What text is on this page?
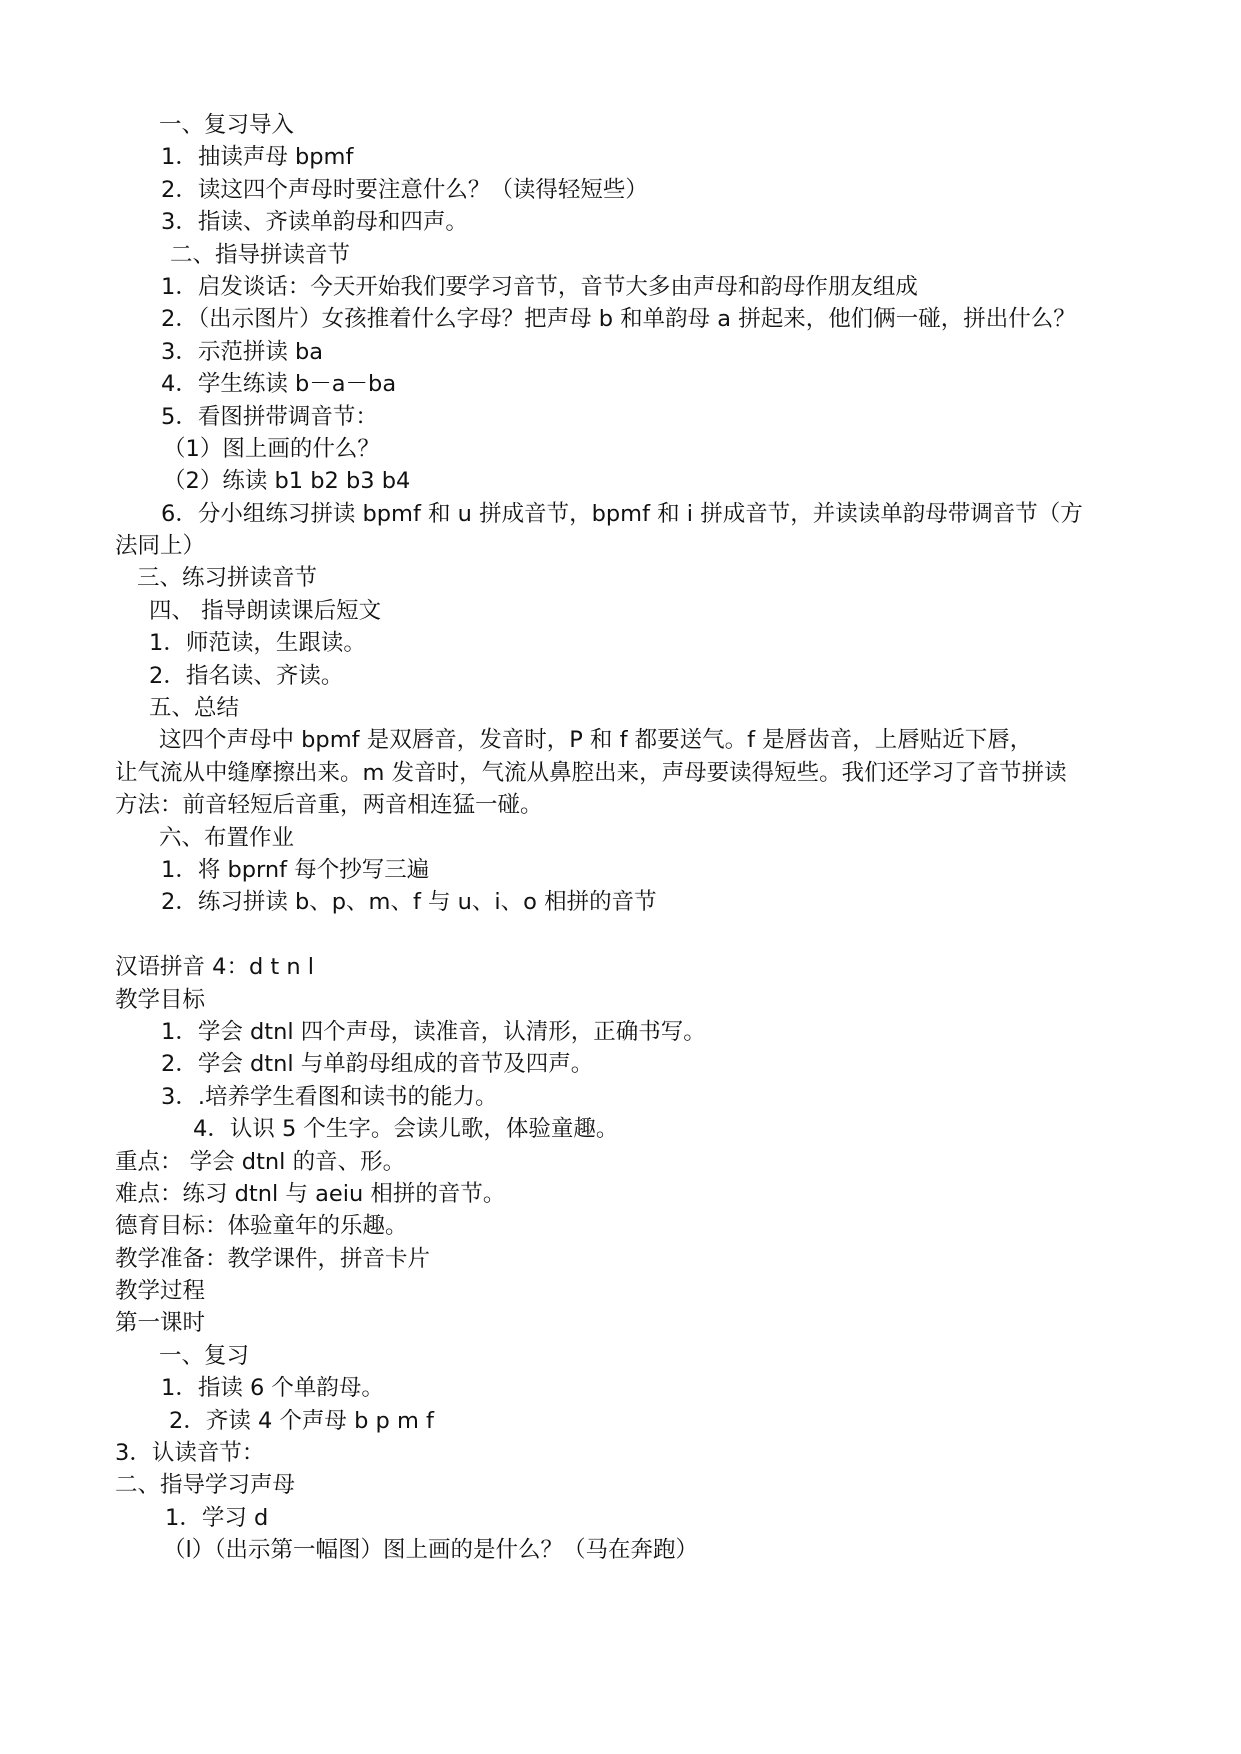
一、复习导入
1．抽读声母 bpmf
2．读这四个声母时要注意什么？（读得轻短些）
3．指读、齐读单韵母和四声。
二、指导拼读音节
1．启发谈话：今天开始我们要学习音节，音节大多由声母和韵母作朋友组成
2．（出示图片）女孩推着什么字母？把声母 b 和单韵母 a 拼起来，他们俩一碰，拼出什么？
3．示范拼读 ba
4．学生练读 b－a－ba
5．看图拼带调音节：
（1）图上画的什么？
（2）练读 b1 b2 b3 b4
6．分小组练习拼读 bpmf 和 u 拼成音节，bpmf 和 i 拼成音节，并读读单韵母带调音节（方
法同上）
三、练习拼读音节
四、 指导朗读课后短文
1．师范读，生跟读。
2．指名读、齐读。
五、总结
这四个声母中 bpmf 是双唇音，发音时，P 和 f 都要送气。f 是唇齿音，上唇贴近下唇，
让气流从中缝摩擦出来。m 发音时，气流从鼻腔出来，声母要读得短些。我们还学习了音节拼读
方法：前音轻短后音重，两音相连猛一碰。
六、布置作业
1．将 bprnf 每个抄写三遍
2．练习拼读 b、p、m、f 与 u、i、o 相拼的音节
汉语拼音 4：d t n l
教学目标
1．学会 dtnl 四个声母，读准音，认清形，正确书写。
2．学会 dtnl 与单韵母组成的音节及四声。
3．.培养学生看图和读书的能力。
4．认识 5 个生字。会读儿歌，体验童趣。
重点： 学会 dtnl 的音、形。
难点：练习 dtnl 与 aeiu 相拼的音节。
德育目标：体验童年的乐趣。
教学准备：教学课件，拼音卡片
教学过程
第一课时
一、复习
1．指读 6 个单韵母。
2．齐读 4 个声母 b p m f
3．认读音节：
二、指导学习声母
1．学习 d
（l）（出示第一幅图）图上画的是什么？（马在奔跑）
